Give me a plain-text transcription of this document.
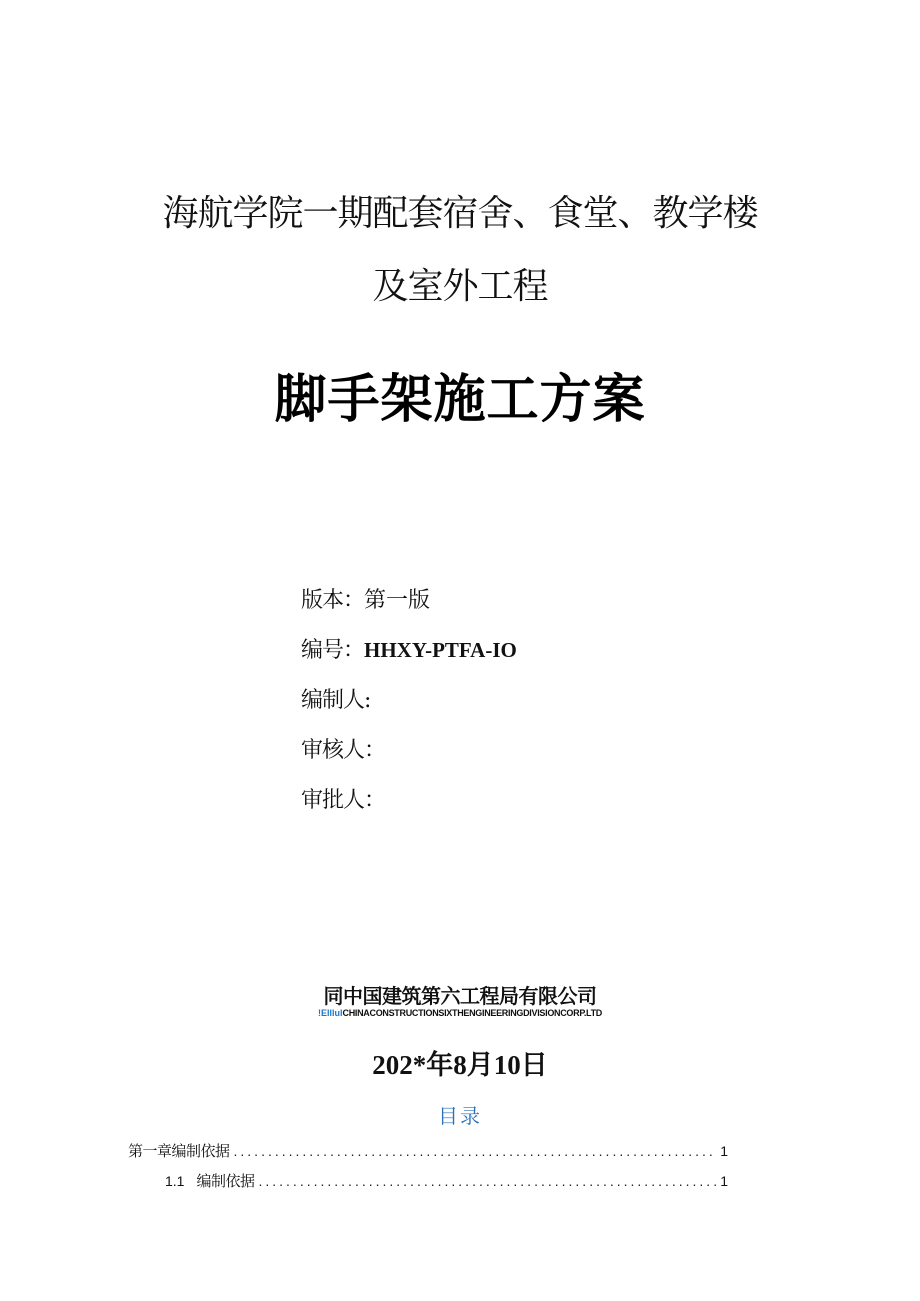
海航学院一期配套宿舍、食堂、教学楼
及室外工程
脚手架施工方案
版本：第一版
编号：HHXY-PTFA-IO
编制人:
审核人：
审批人：
同中国建筑第六工程局有限公司
!Elllul CHINACONSTRUCTIONSIXTHENGINEERINGDIVISIONCORP.LTD
202*年8月10日
目录
第一章编制依据 .....	1
1.1 编制依据 .....	1
